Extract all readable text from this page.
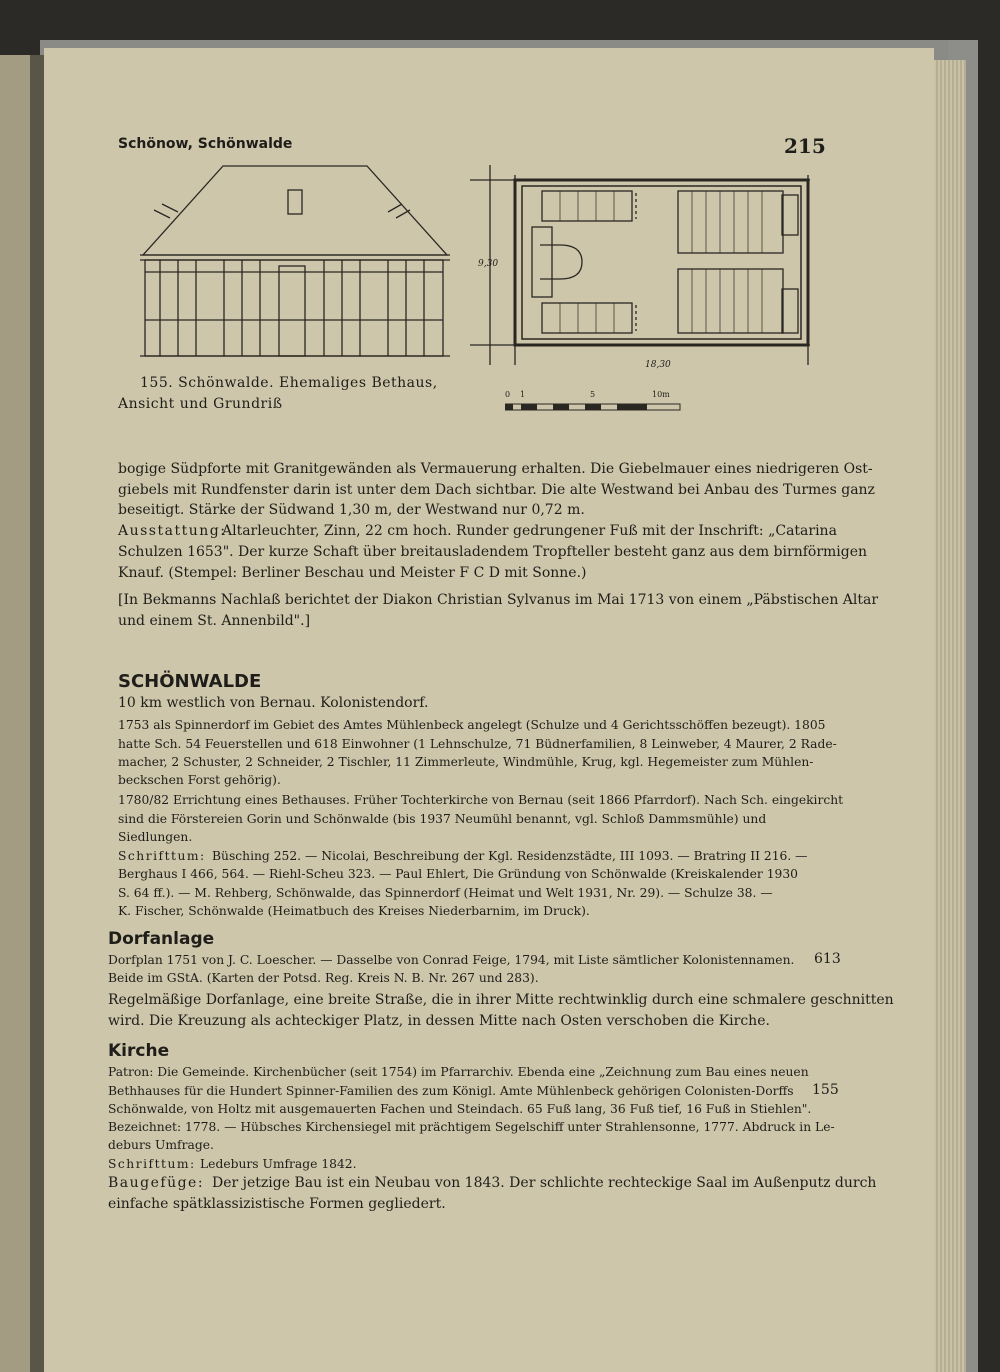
Schönow, Schönwalde	215
9,30
18,30
0 1	5	10m
155. Schönwalde. Ehemaliges Bethaus,
Ansicht und Grundriß
bogige Südpforte mit Granitgewänden als Vermauerung erhalten. Die Giebelmauer eines niedrigeren Ost-
giebels mit Rundfenster darin ist unter dem Dach sichtbar. Die alte Westwand bei Anbau des Turmes ganz
beseitigt. Stärke der Südwand 1,30 m, der Westwand nur 0,72 m.
Ausstattung:
Altarleuchter, Zinn, 22 cm hoch. Runder gedrungener Fuß mit der Inschrift: „Catarina
Schulzen 1653". Der kurze Schaft über breitausladendem Tropfteller besteht ganz aus dem birnförmigen
Knauf. (Stempel: Berliner Beschau und Meister F C D mit Sonne.)
[In Bekmanns Nachlaß berichtet der Diakon Christian Sylvanus im Mai 1713 von einem „Päbstischen Altar
und einem St. Annenbild".]
SCHÖNWALDE
10 km westlich von Bernau. Kolonistendorf.
1753 als Spinnerdorf im Gebiet des Amtes Mühlenbeck angelegt (Schulze und 4 Gerichtsschöffen bezeugt). 1805
hatte Sch. 54 Feuerstellen und 618 Einwohner (1 Lehnschulze, 71 Büdnerfamilien, 8 Leinweber, 4 Maurer, 2 Rade-
macher, 2 Schuster, 2 Schneider, 2 Tischler, 11 Zimmerleute, Windmühle, Krug, kgl. Hegemeister zum Mühlen-
beckschen Forst gehörig).
1780/82 Errichtung eines Bethauses. Früher Tochterkirche von Bernau (seit 1866 Pfarrdorf). Nach Sch. eingekircht
sind die Förstereien Gorin und Schönwalde (bis 1937 Neumühl benannt, vgl. Schloß Dammsmühle) und
Siedlungen.
Schrifttum: Büsching 252. — Nicolai, Beschreibung der Kgl. Residenzstädte, III 1093. — Bratring II 216. —
Berghaus I 466, 564. — Riehl-Scheu 323. — Paul Ehlert, Die Gründung von Schönwalde (Kreiskalender 1930
S. 64 ff.). — M. Rehberg, Schönwalde, das Spinnerdorf (Heimat und Welt 1931, Nr. 29). — Schulze 38. —
K. Fischer, Schönwalde (Heimatbuch des Kreises Niederbarnim, im Druck).
Dorfanlage
Dorfplan 1751 von J. C. Loescher. — Dasselbe von Conrad Feige, 1794, mit Liste sämtlicher Kolonistennamen. 613
Beide im GStA. (Karten der Potsd. Reg. Kreis N. B. Nr. 267 und 283).
Regelmäßige Dorfanlage, eine breite Straße, die in ihrer Mitte rechtwinklig durch eine schmalere geschnitten
wird. Die Kreuzung als achteckiger Platz, in dessen Mitte nach Osten verschoben die Kirche.
Kirche
Patron: Die Gemeinde. Kirchenbücher (seit 1754) im Pfarrarchiv. Ebenda eine „Zeichnung zum Bau eines neuen
Bethhauses für die Hundert Spinner-Familien des zum Königl. Amte Mühlenbeck gehörigen Colonisten-Dorffs 155
Schönwalde, von Holtz mit ausgemauerten Fachen und Steindach. 65 Fuß lang, 36 Fuß tief, 16 Fuß in Stiehlen".
Bezeichnet: 1778. — Hübsches Kirchensiegel mit prächtigem Segelschiff unter Strahlensonne, 1777. Abdruck in Le-
deburs Umfrage.
Schrifttum: Ledeburs Umfrage 1842.
Baugefüge: Der jetzige Bau ist ein Neubau von 1843. Der schlichte rechteckige Saal im Außenputz durch
einfache spätklassizistische Formen gegliedert.
